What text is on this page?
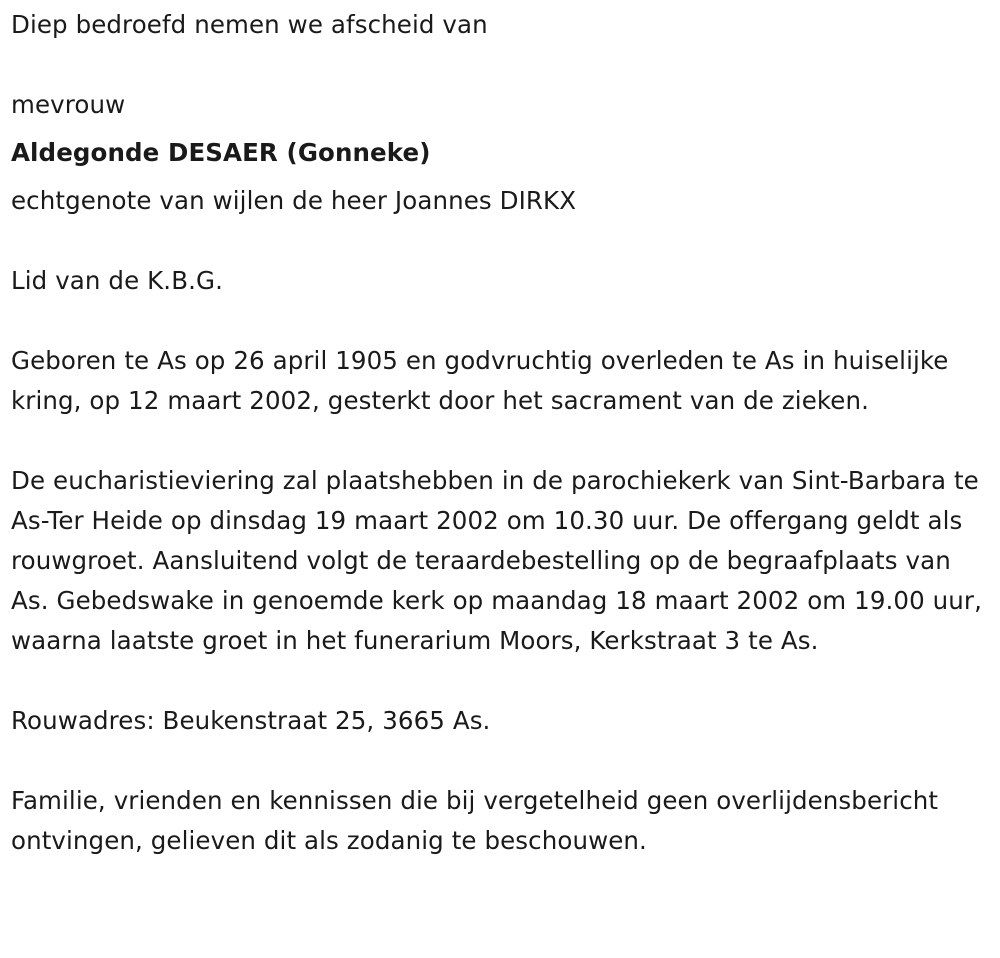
Diep bedroefd nemen we afscheid van

mevrouw

Aldegonde DESAER (Gonneke)

echtgenote van wijlen de heer Joannes DIRKX

Lid van de K.B.G.

Geboren te As op 26 april 1905 en godvruchtig overleden te As in huiselijke kring, op 12 maart 2002, gesterkt door het sacrament van de zieken.

De eucharistieviering zal plaatshebben in de parochiekerk van Sint-Barbara te As-Ter Heide op dinsdag 19 maart 2002 om 10.30 uur. De offergang geldt als rouwgroet. Aansluitend volgt de teraardebestelling op de begraafplaats van As. Gebedswake in genoemde kerk op maandag 18 maart 2002 om 19.00 uur, waarna laatste groet in het funerarium Moors, Kerkstraat 3 te As.

Rouwadres: Beukenstraat 25, 3665 As.

Familie, vrienden en kennissen die bij vergetelheid geen overlijdensbericht ontvingen, gelieven dit als zodanig te beschouwen.
